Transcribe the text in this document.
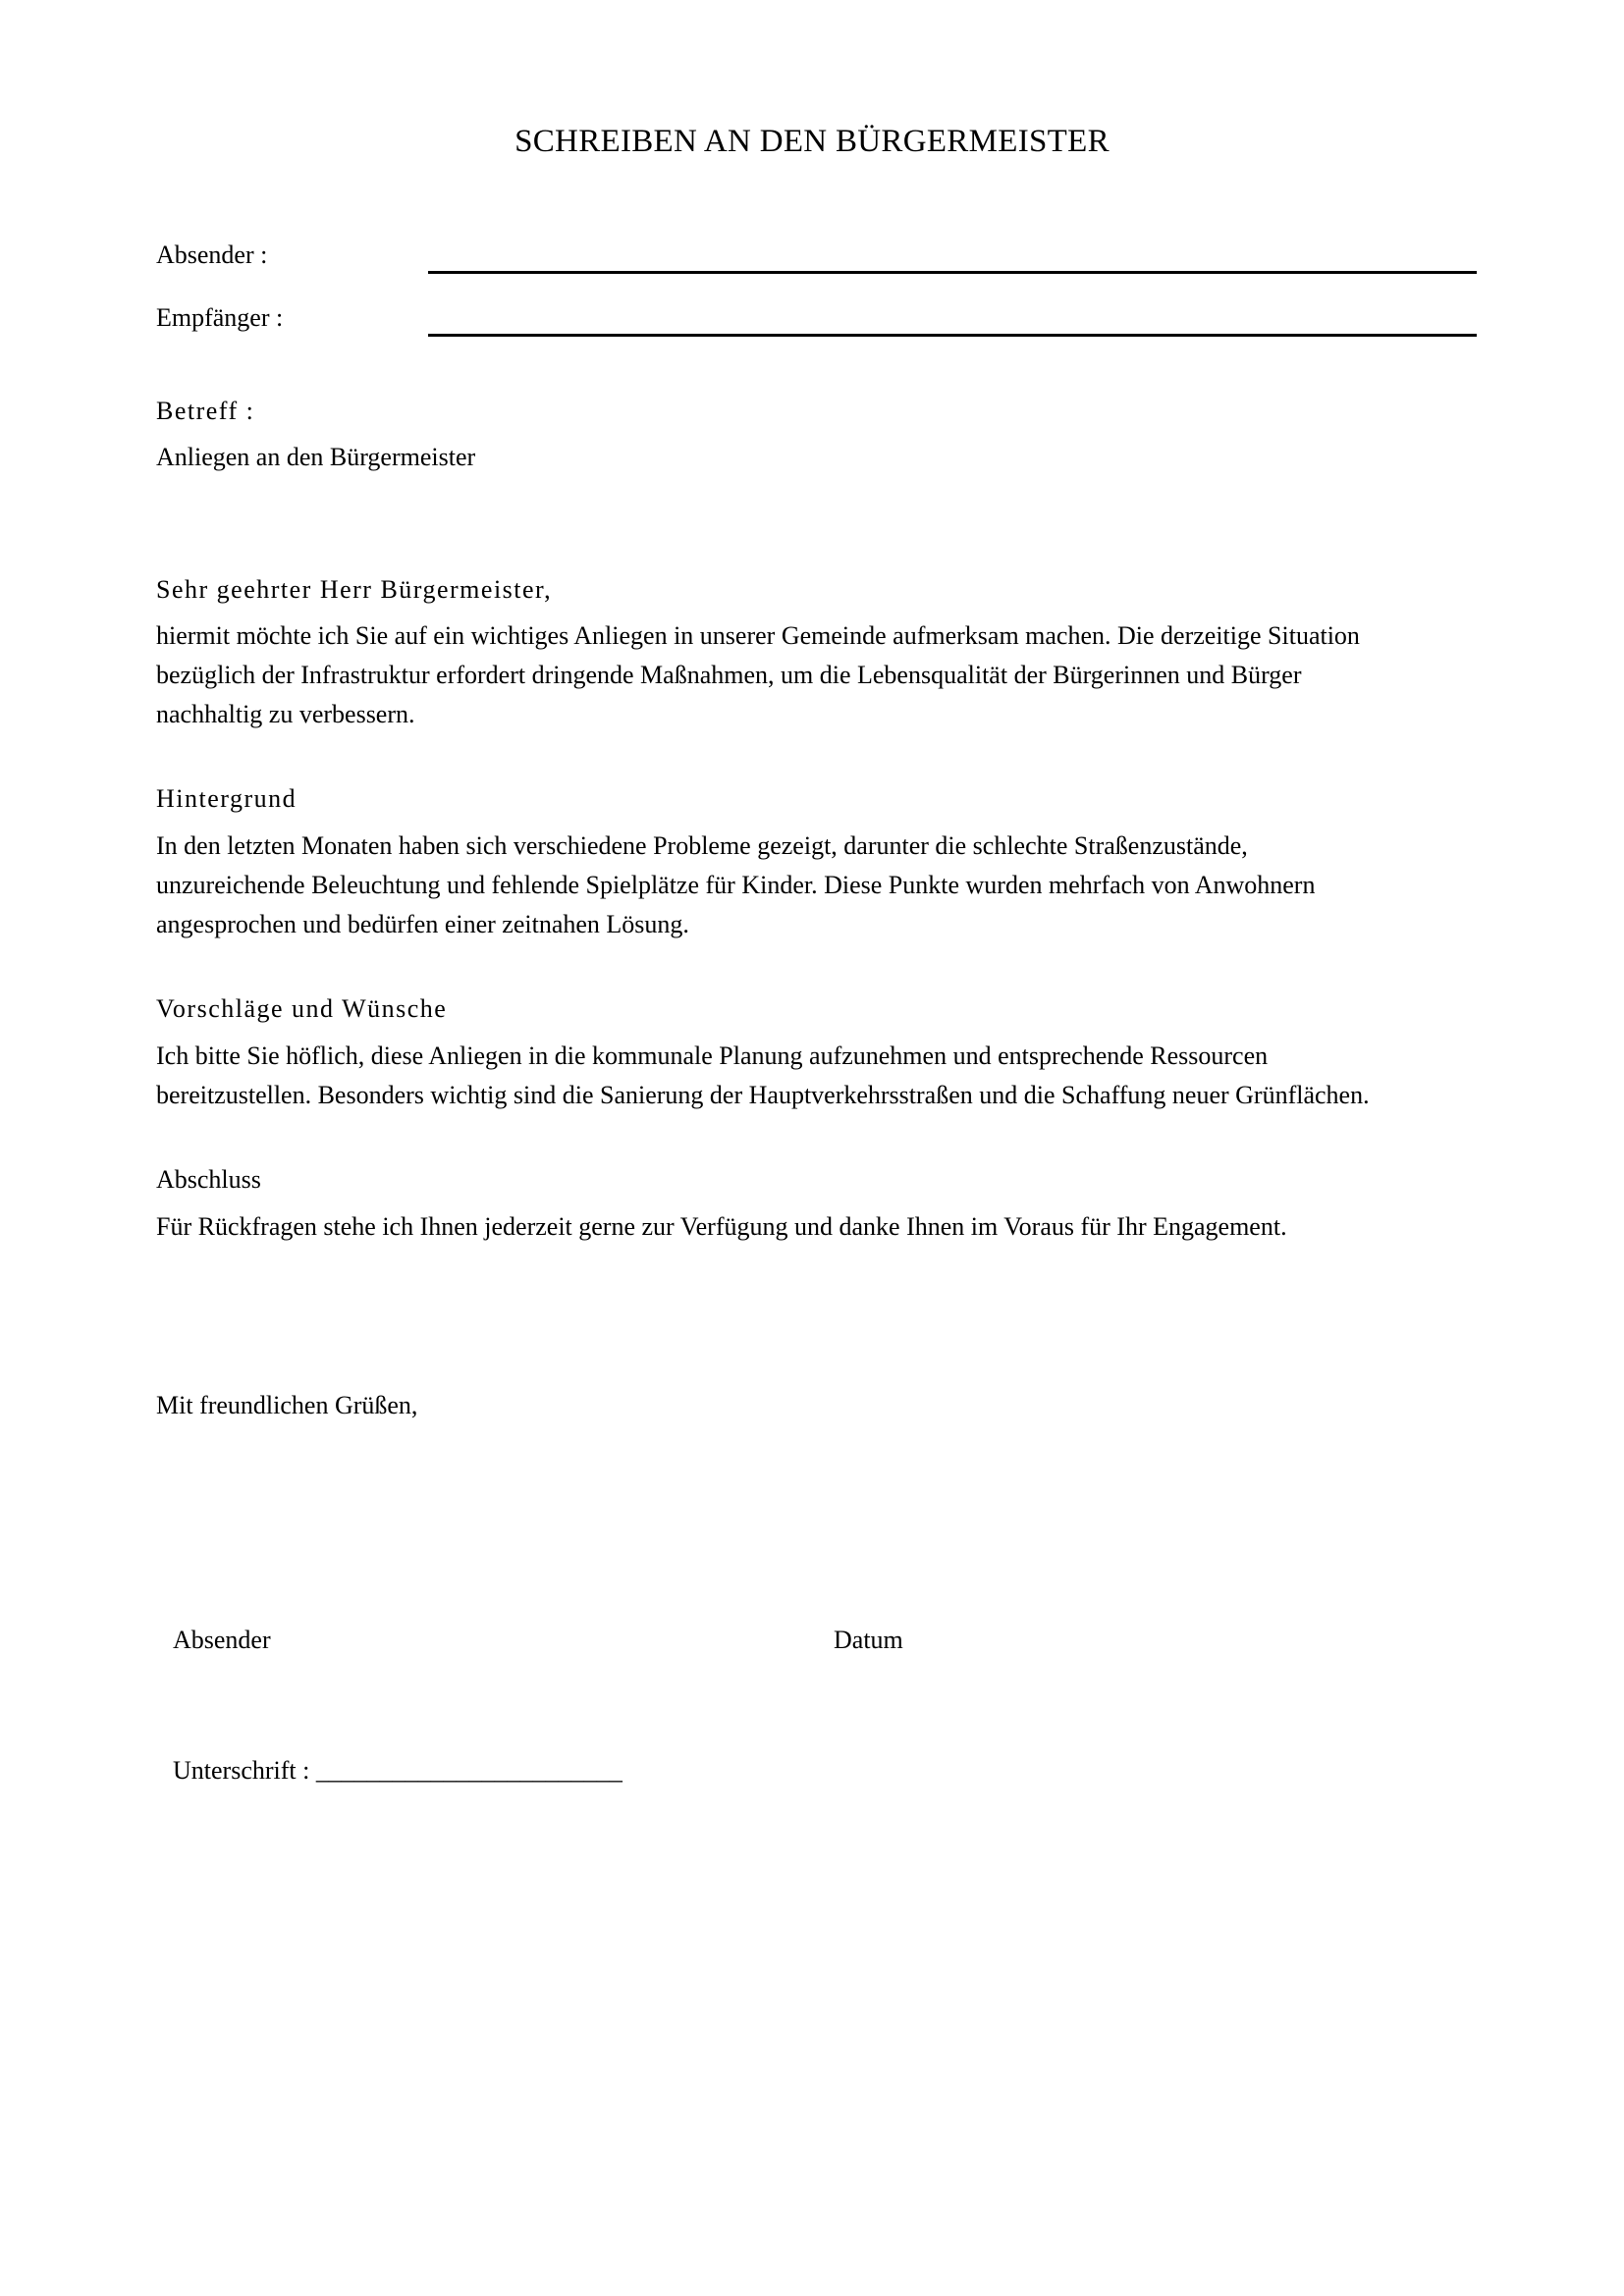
SCHREIBEN AN DEN BÜRGERMEISTER
Absender :
Empfänger :
Betreff :
Anliegen an den Bürgermeister
Sehr geehrter Herr Bürgermeister,
hiermit möchte ich Sie auf ein wichtiges Anliegen in unserer Gemeinde aufmerksam machen. Die derzeitige Situation
bezüglich der Infrastruktur erfordert dringende Maßnahmen, um die Lebensqualität der Bürgerinnen und Bürger
nachhaltig zu verbessern.
Hintergrund
In den letzten Monaten haben sich verschiedene Probleme gezeigt, darunter die schlechte Straßenzustände,
unzureichende Beleuchtung und fehlende Spielplätze für Kinder. Diese Punkte wurden mehrfach von Anwohnern
angesprochen und bedürfen einer zeitnahen Lösung.
Vorschläge und Wünsche
Ich bitte Sie höflich, diese Anliegen in die kommunale Planung aufzunehmen und entsprechende Ressourcen
bereitzustellen. Besonders wichtig sind die Sanierung der Hauptverkehrsstraßen und die Schaffung neuer Grünflächen.
Abschluss
Für Rückfragen stehe ich Ihnen jederzeit gerne zur Verfügung und danke Ihnen im Voraus für Ihr Engagement.
Mit freundlichen Grüßen,
Absender	Datum
Unterschrift : ________________________
